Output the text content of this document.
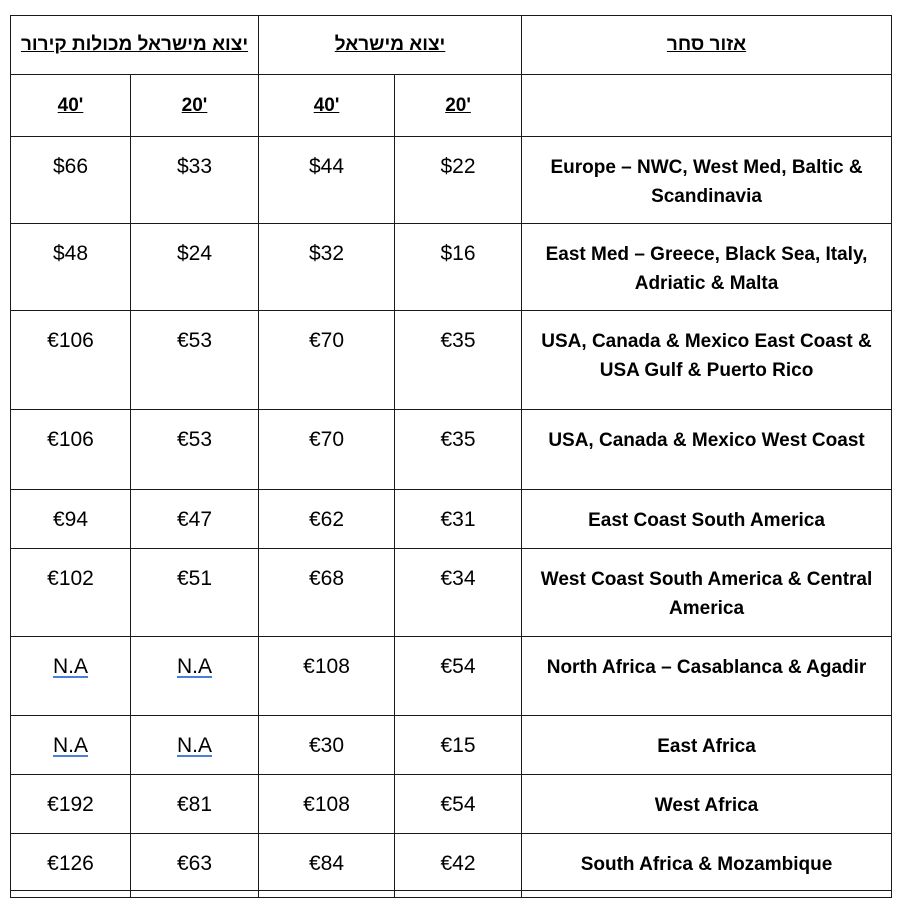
יצוא מישראל מכולות קירור		יצוא מישראל		אזור סחר
40'	20'	40'	20'	
$66	$33	$44	$22	Europe – NWC, West Med, Baltic & Scandinavia
$48	$24	$32	$16	East Med – Greece, Black Sea, Italy, Adriatic & Malta
€106	€53	€70	€35	USA, Canada & Mexico East Coast & USA Gulf & Puerto Rico
€106	€53	€70	€35	USA, Canada & Mexico West Coast
€94	€47	€62	€31	East Coast South America
€102	€51	€68	€34	West Coast South America & Central America
N.A	N.A	€108	€54	North Africa – Casablanca & Agadir
N.A	N.A	€30	€15	East Africa
€192	€81	€108	€54	West Africa
€126	€63	€84	€42	South Africa & Mozambique
